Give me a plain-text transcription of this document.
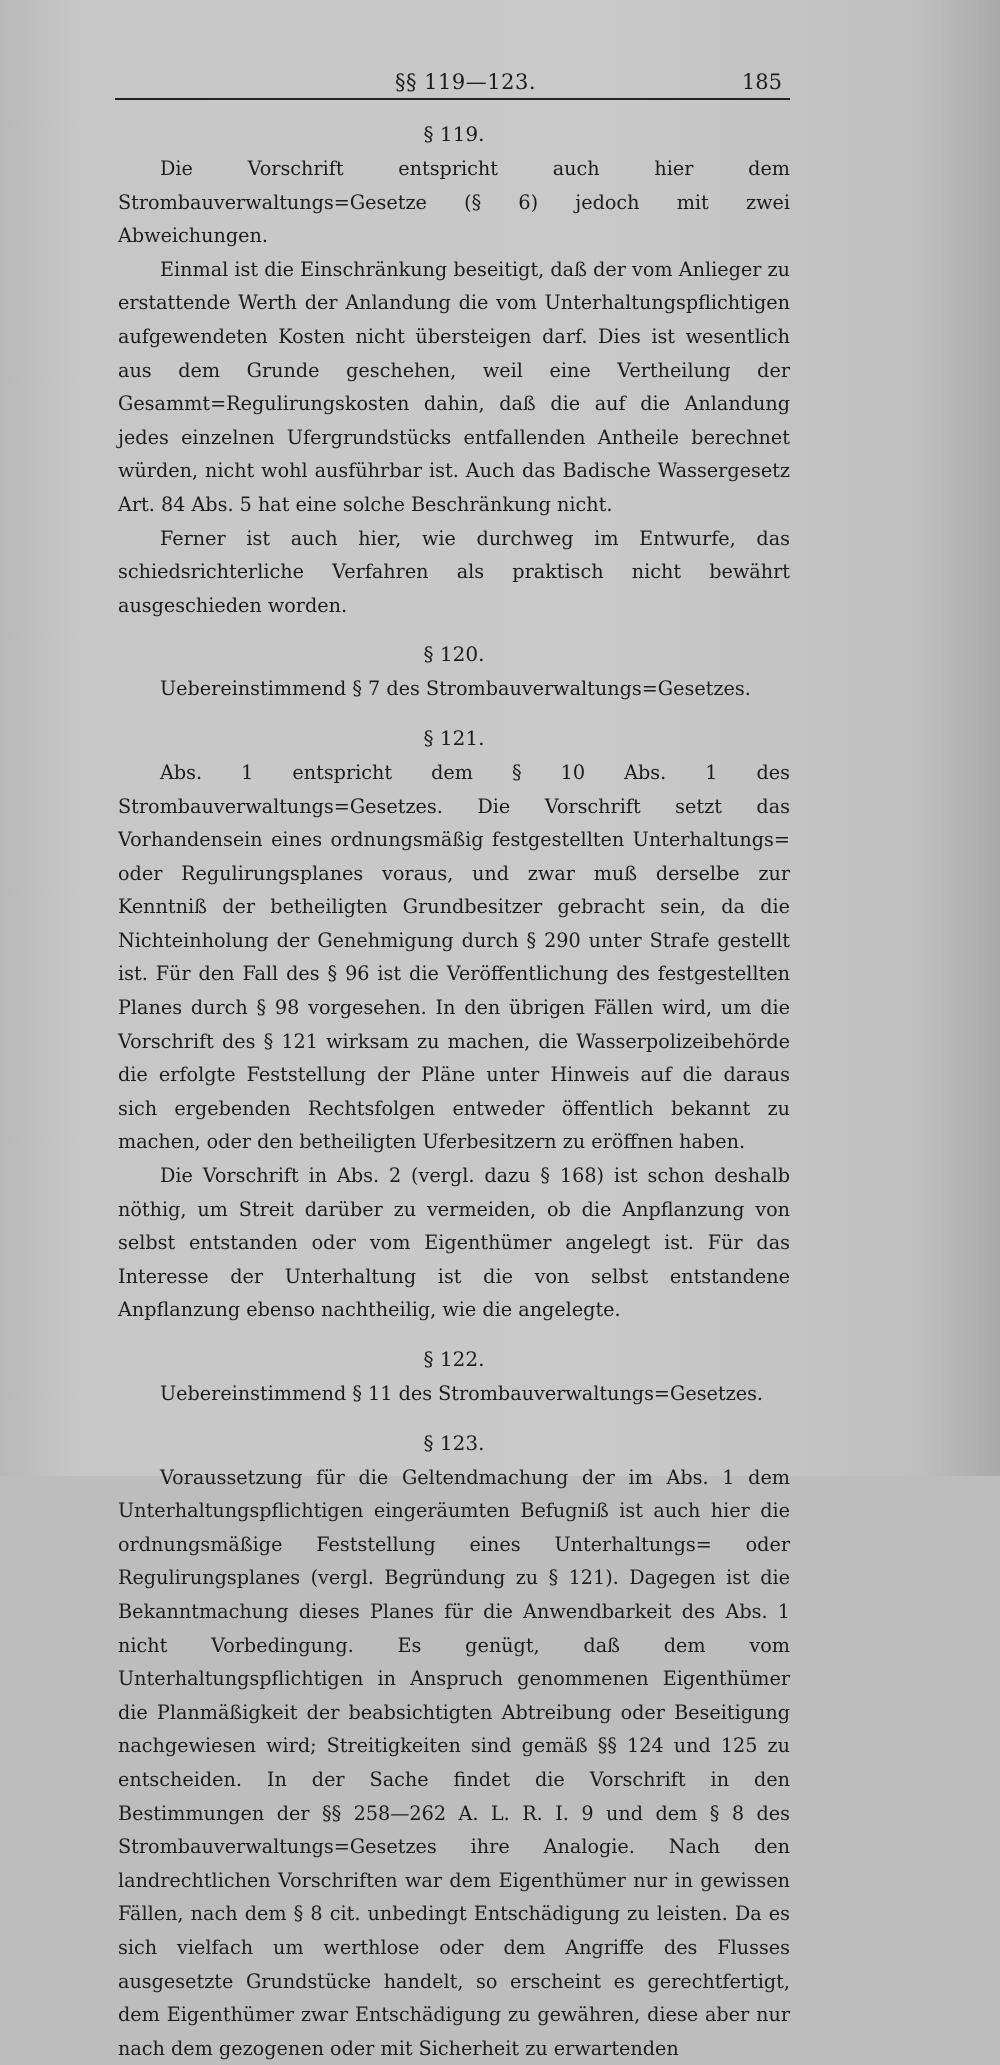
§§ 119—123.	185
§ 119.

Die Vorschrift entspricht auch hier dem Strombauverwaltungs=Gesetze (§ 6) jedoch mit zwei Abweichungen.

Einmal ist die Einschränkung beseitigt, daß der vom Anlieger zu erstattende Werth der Anlandung die vom Unterhaltungspflichtigen aufgewendeten Kosten nicht übersteigen darf. Dies ist wesentlich aus dem Grunde geschehen, weil eine Vertheilung der Gesammt=Regulirungskosten dahin, daß die auf die Anlandung jedes einzelnen Ufergrundstücks entfallenden Antheile berechnet würden, nicht wohl ausführbar ist. Auch das Badische Wassergesetz Art. 84 Abs. 5 hat eine solche Beschränkung nicht.

Ferner ist auch hier, wie durchweg im Entwurfe, das schiedsrichterliche Verfahren als praktisch nicht bewährt ausgeschieden worden.

§ 120.

Uebereinstimmend § 7 des Strombauverwaltungs=Gesetzes.

§ 121.

Abs. 1 entspricht dem § 10 Abs. 1 des Strombauverwaltungs=Gesetzes. Die Vorschrift setzt das Vorhandensein eines ordnungsmäßig festgestellten Unterhaltungs= oder Regulirungsplanes voraus, und zwar muß derselbe zur Kenntniß der betheiligten Grundbesitzer gebracht sein, da die Nichteinholung der Genehmigung durch § 290 unter Strafe gestellt ist. Für den Fall des § 96 ist die Veröffentlichung des festgestellten Planes durch § 98 vorgesehen. In den übrigen Fällen wird, um die Vorschrift des § 121 wirksam zu machen, die Wasserpolizeibehörde die erfolgte Feststellung der Pläne unter Hinweis auf die daraus sich ergebenden Rechtsfolgen entweder öffentlich bekannt zu machen, oder den betheiligten Uferbesitzern zu eröffnen haben.

Die Vorschrift in Abs. 2 (vergl. dazu § 168) ist schon deshalb nöthig, um Streit darüber zu vermeiden, ob die Anpflanzung von selbst entstanden oder vom Eigenthümer angelegt ist. Für das Interesse der Unterhaltung ist die von selbst entstandene Anpflanzung ebenso nachtheilig, wie die angelegte.

§ 122.

Uebereinstimmend § 11 des Strombauverwaltungs=Gesetzes.

§ 123.

Voraussetzung für die Geltendmachung der im Abs. 1 dem Unterhaltungspflichtigen eingeräumten Befugniß ist auch hier die ordnungsmäßige Feststellung eines Unterhaltungs= oder Regulirungsplanes (vergl. Begründung zu § 121). Dagegen ist die Bekanntmachung dieses Planes für die Anwendbarkeit des Abs. 1 nicht Vorbedingung. Es genügt, daß dem vom Unterhaltungspflichtigen in Anspruch genommenen Eigenthümer die Planmäßigkeit der beabsichtigten Abtreibung oder Beseitigung nachgewiesen wird; Streitigkeiten sind gemäß §§ 124 und 125 zu entscheiden. In der Sache findet die Vorschrift in den Bestimmungen der §§ 258—262 A. L. R. I. 9 und dem § 8 des Strombauverwaltungs=Gesetzes ihre Analogie. Nach den landrechtlichen Vorschriften war dem Eigenthümer nur in gewissen Fällen, nach dem § 8 cit. unbedingt Entschädigung zu leisten. Da es sich vielfach um werthlose oder dem Angriffe des Flusses ausgesetzte Grundstücke handelt, so erscheint es gerechtfertigt, dem Eigenthümer zwar Entschädigung zu gewähren, diese aber nur nach dem gezogenen oder mit Sicherheit zu erwartenden
